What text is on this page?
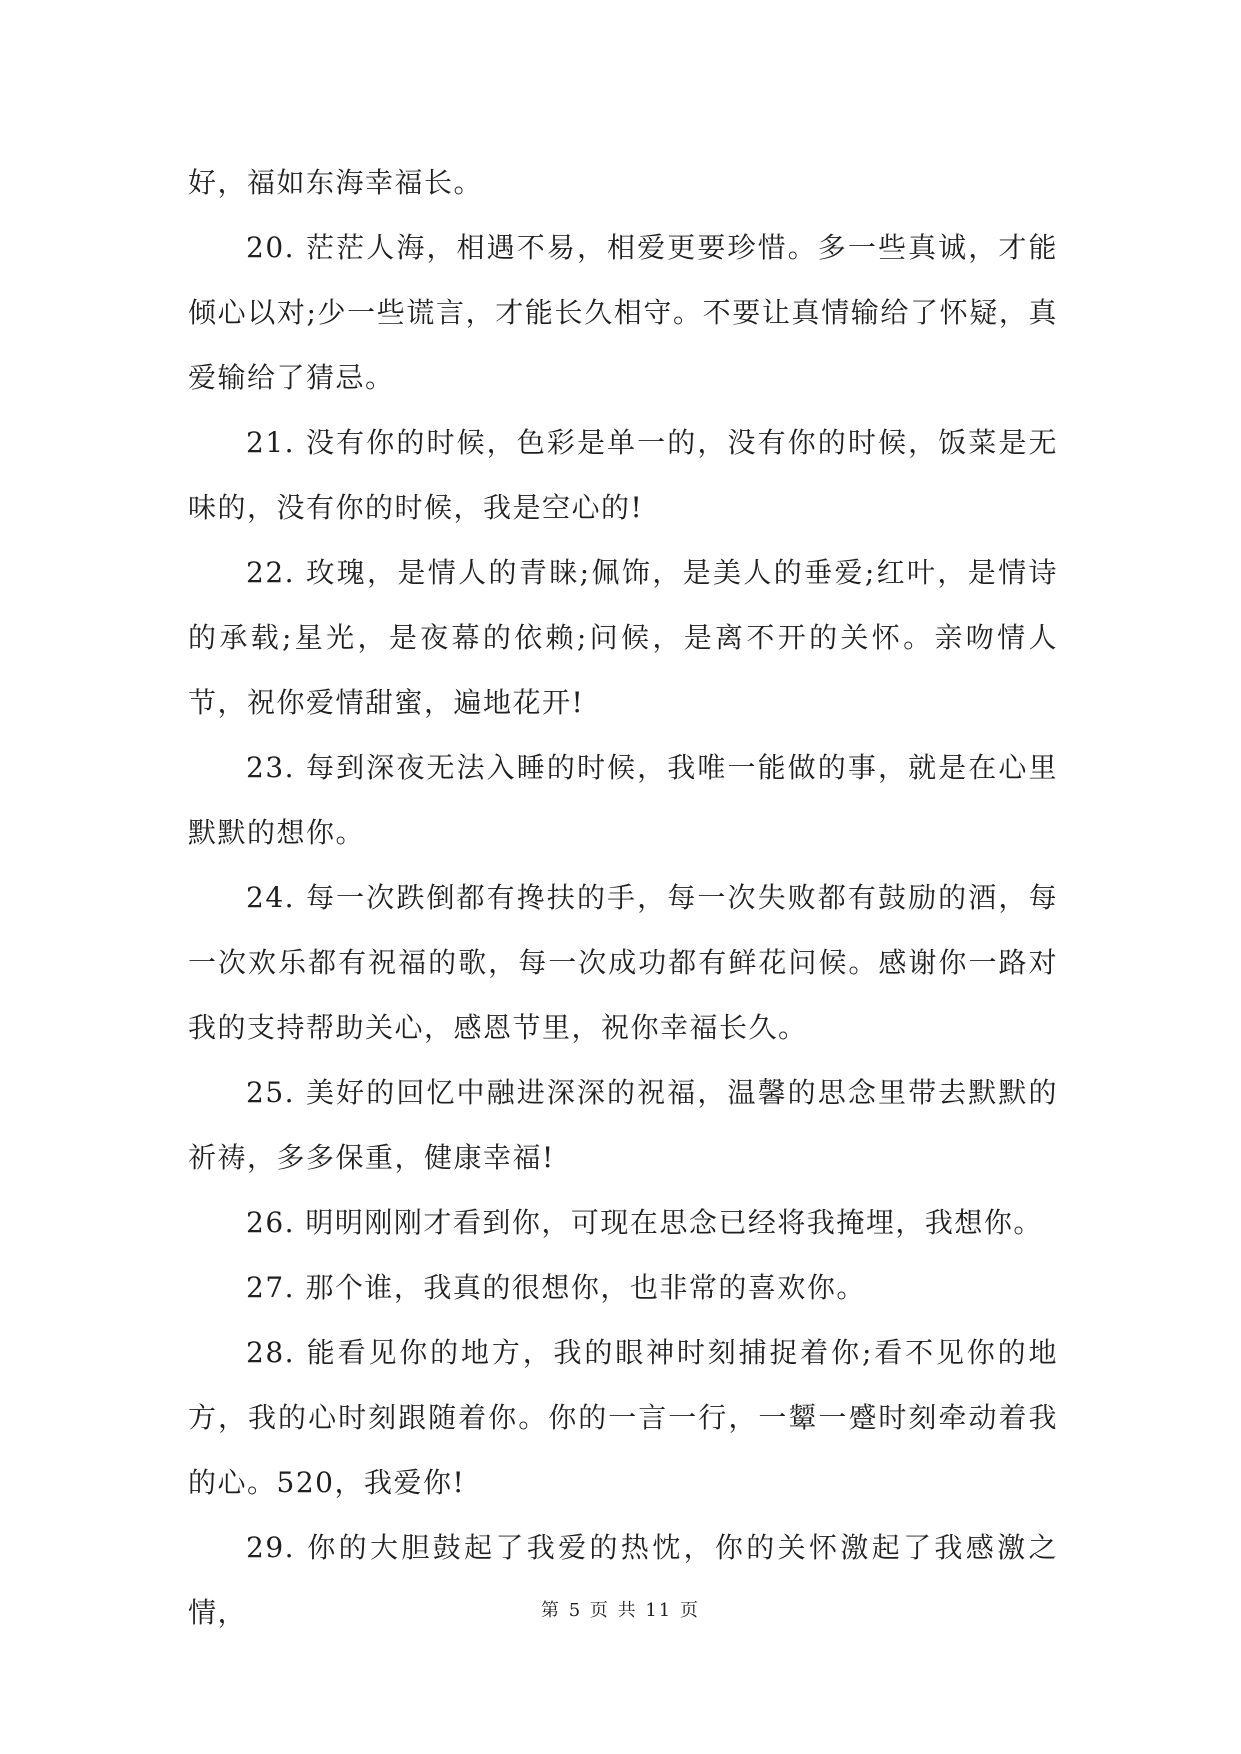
好，福如东海幸福长。

20. 茫茫人海，相遇不易，相爱更要珍惜。多一些真诚，才能倾心以对;少一些谎言，才能长久相守。不要让真情输给了怀疑，真爱输给了猜忌。

21. 没有你的时候，色彩是单一的，没有你的时候，饭菜是无味的，没有你的时候，我是空心的!

22. 玫瑰，是情人的青睐;佩饰，是美人的垂爱;红叶，是情诗的承载;星光，是夜幕的依赖;问候，是离不开的关怀。亲吻情人节，祝你爱情甜蜜，遍地花开!

23. 每到深夜无法入睡的时候，我唯一能做的事，就是在心里默默的想你。

24. 每一次跌倒都有搀扶的手，每一次失败都有鼓励的酒，每一次欢乐都有祝福的歌，每一次成功都有鲜花问候。感谢你一路对我的支持帮助关心，感恩节里，祝你幸福长久。

25. 美好的回忆中融进深深的祝福，温馨的思念里带去默默的祈祷，多多保重，健康幸福!

26. 明明刚刚才看到你，可现在思念已经将我掩埋，我想你。

27. 那个谁，我真的很想你，也非常的喜欢你。

28. 能看见你的地方，我的眼神时刻捕捉着你;看不见你的地方，我的心时刻跟随着你。你的一言一行，一颦一蹙时刻牵动着我的心。520，我爱你!

29. 你的大胆鼓起了我爱的热忱，你的关怀激起了我感激之情，	第 5 页 共 11 页
